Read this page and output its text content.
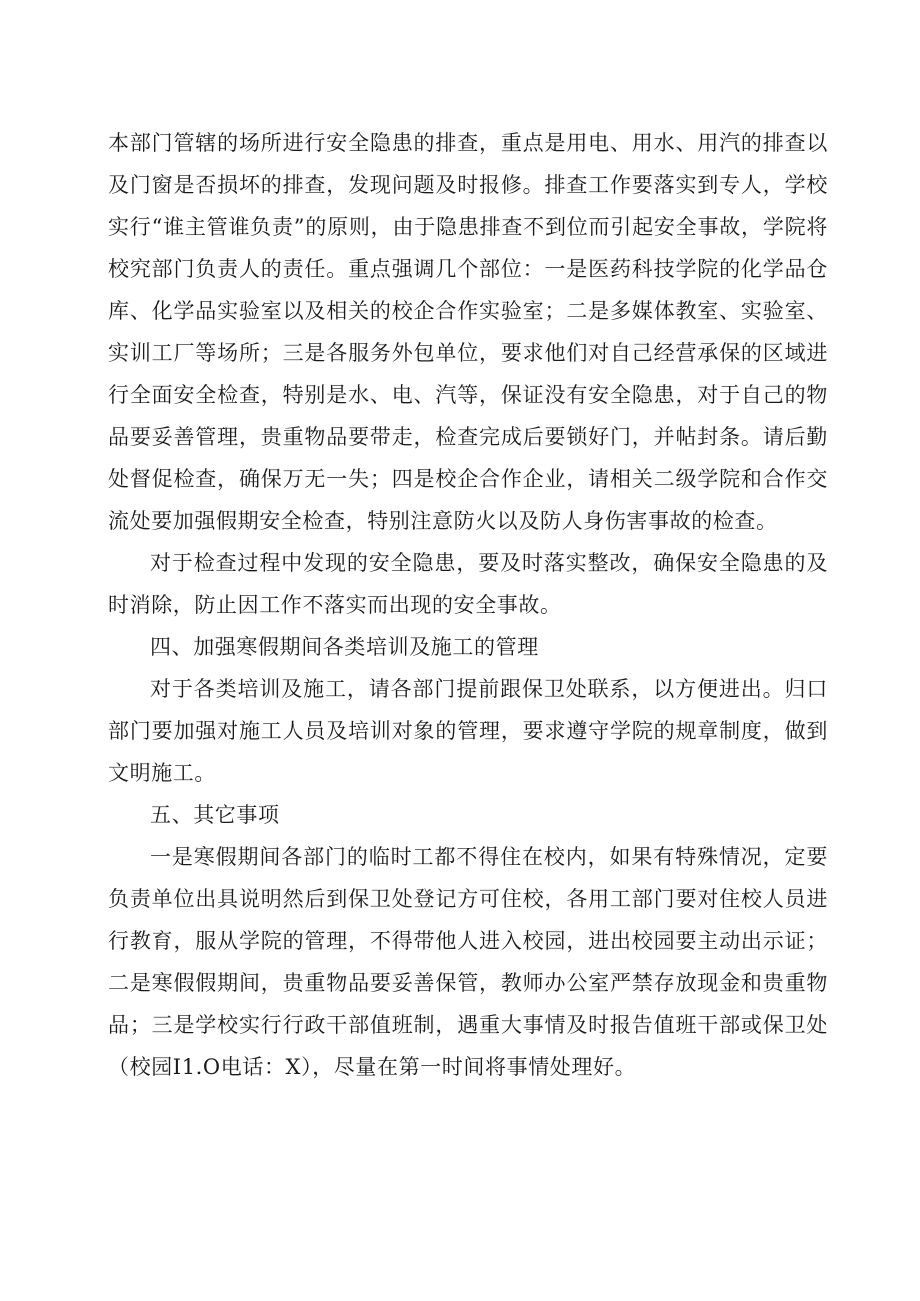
本部门管辖的场所进行安全隐患的排查，重点是用电、用水、用汽的排查以及门窗是否损坏的排查，发现问题及时报修。排查工作要落实到专人，学校实行“谁主管谁负责”的原则，由于隐患排查不到位而引起安全事故，学院将校究部门负责人的责任。重点强调几个部位：一是医药科技学院的化学品仓库、化学品实验室以及相关的校企合作实验室；二是多媒体教室、实验室、实训工厂等场所；三是各服务外包单位，要求他们对自己经营承保的区域进行全面安全检查，特别是水、电、汽等，保证没有安全隐患，对于自己的物品要妥善管理，贵重物品要带走，检查完成后要锁好门，并帖封条。请后勤处督促检查，确保万无一失；四是校企合作企业，请相关二级学院和合作交流处要加强假期安全检查，特别注意防火以及防人身伤害事故的检查。

对于检查过程中发现的安全隐患，要及时落实整改，确保安全隐患的及时消除，防止因工作不落实而出现的安全事故。

四、加强寒假期间各类培训及施工的管理

对于各类培训及施工，请各部门提前跟保卫处联系，以方便进出。归口部门要加强对施工人员及培训对象的管理，要求遵守学院的规章制度，做到文明施工。

五、其它事项

一是寒假期间各部门的临时工都不得住在校内，如果有特殊情况，定要负责单位出具说明然后到保卫处登记方可住校，各用工部门要对住校人员进行教育，服从学院的管理，不得带他人进入校园，进出校园要主动出示证；二是寒假假期间，贵重物品要妥善保管，教师办公室严禁存放现金和贵重物品；三是学校实行行政干部值班制，遇重大事情及时报告值班干部或保卫处（校园I1.O电话：X），尽量在第一时间将事情处理好。
